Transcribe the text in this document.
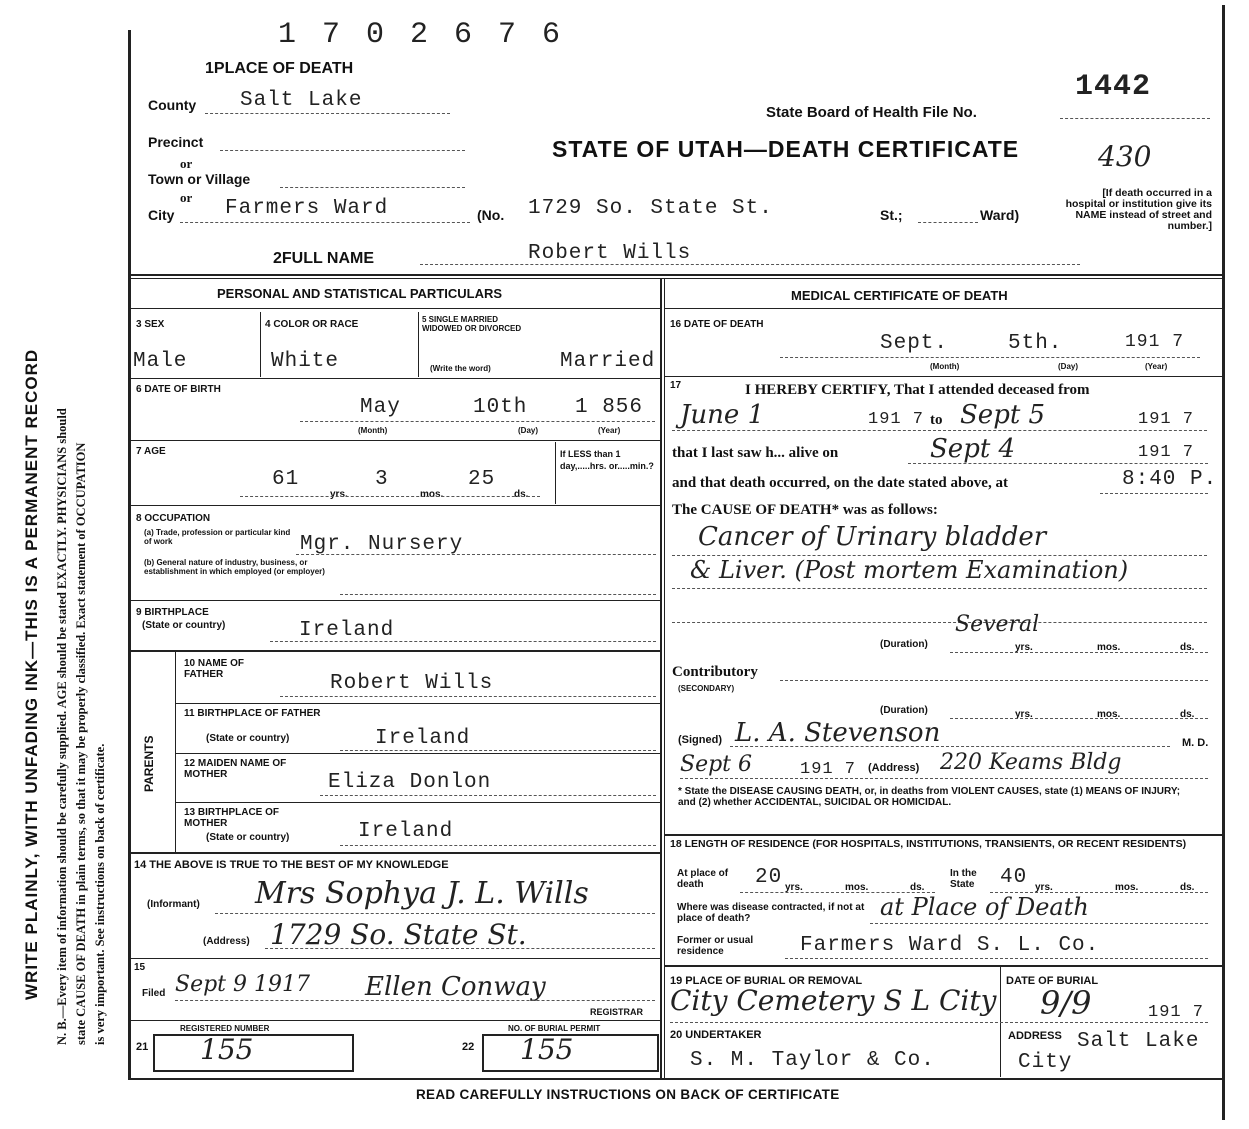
WRITE PLAINLY, WITH UNFADING INK—THIS IS A PERMANENT RECORD N. B.—Every item of information should be carefully supplied. AGE should be stated EXACTLY. PHYSICIANS should state CAUSE OF DEATH in plain terms, so that it may be properly classified. Exact statement of OCCUPATION is very important. See instructions on back of certificate.
1 7 0 2 6 7 6
1PLACE OF DEATH
County Salt Lake
Precinct
or
Town or Village
or
City Farmers Ward	(No. 1729 So. State St.	St.;	Ward)
State Board of Health File No.
1442
STATE OF UTAH—DEATH CERTIFICATE	430
[If death occurred in a hospital or institution give its NAME instead of street and number.]
2FULL NAME	Robert Wills
PERSONAL AND STATISTICAL PARTICULARS
3 SEX
Male
4 COLOR OR RACE
White
5 SINGLE MARRIED WIDOWED OR DIVORCED
(Write the word)	Married
6 DATE OF BIRTH
May	10th 1 856
(Month)	(Day)	(Year)
7 AGE
61
yrs.
3
mos.
25
ds.
If LESS than 1 day,.....hrs. or.....min.?
8 OCCUPATION
(a) Trade, profession or particular kind of work	Mgr. Nursery
(b) General nature of industry, business, or establishment in which employed (or employer)
9 BIRTHPLACE
(State or country)	Ireland
PARENTS
10 NAME OF FATHER	Robert Wills
11 BIRTHPLACE OF FATHER
(State or country)	Ireland
12 MAIDEN NAME OF MOTHER	Eliza Donlon
13 BIRTHPLACE OF MOTHER
(State or country)	Ireland
14 THE ABOVE IS TRUE TO THE BEST OF MY KNOWLEDGE
(Informant) Mrs Sophya J. L. Wills
(Address) 1729 So. State St.
15
Filed Sept 9 1917 Ellen Conway
REGISTRAR
REGISTERED NUMBER
21 155
NO. OF BURIAL PERMIT
22 155
MEDICAL CERTIFICATE OF DEATH
16 DATE OF DEATH
Sept.	5th.	191 7
(Month)	(Day)	(Year)
17	I HEREBY CERTIFY, That I attended deceased from
June 1	191 7 to Sept 5	191 7
that I last saw h... alive on	Sept 4	191 7
and that death occurred, on the date stated above, at	8:40 P.
The CAUSE OF DEATH* was as follows:
Cancer of Urinary bladder
& Liver. (Post mortem Examination)
Several
(Duration)	yrs.	mos.	ds.
Contributory
(SECONDARY)
(Duration)	yrs.	mos.	ds.
(Signed) L. A. Stevenson	M. D.
Sept 6	191 7 (Address) 220 Keams Bldg
* State the DISEASE CAUSING DEATH, or, in deaths from VIOLENT CAUSES, state (1) MEANS OF INJURY; and (2) whether ACCIDENTAL, SUICIDAL OR HOMICIDAL.
18 LENGTH OF RESIDENCE (FOR HOSPITALS, INSTITUTIONS, TRANSIENTS, OR RECENT RESIDENTS)
At place of death	20 yrs.	mos.	ds.
In the State	40 yrs.	mos.	ds.
Where was disease contracted, if not at place of death?	at Place of Death
Former or usual residence	Farmers Ward S. L. Co.
19 PLACE OF BURIAL OR REMOVAL
City Cemetery S L City
DATE OF BURIAL
9/9	191 7
20 UNDERTAKER
S. M. Taylor & Co.
ADDRESS Salt Lake
City
READ CAREFULLY INSTRUCTIONS ON BACK OF CERTIFICATE
